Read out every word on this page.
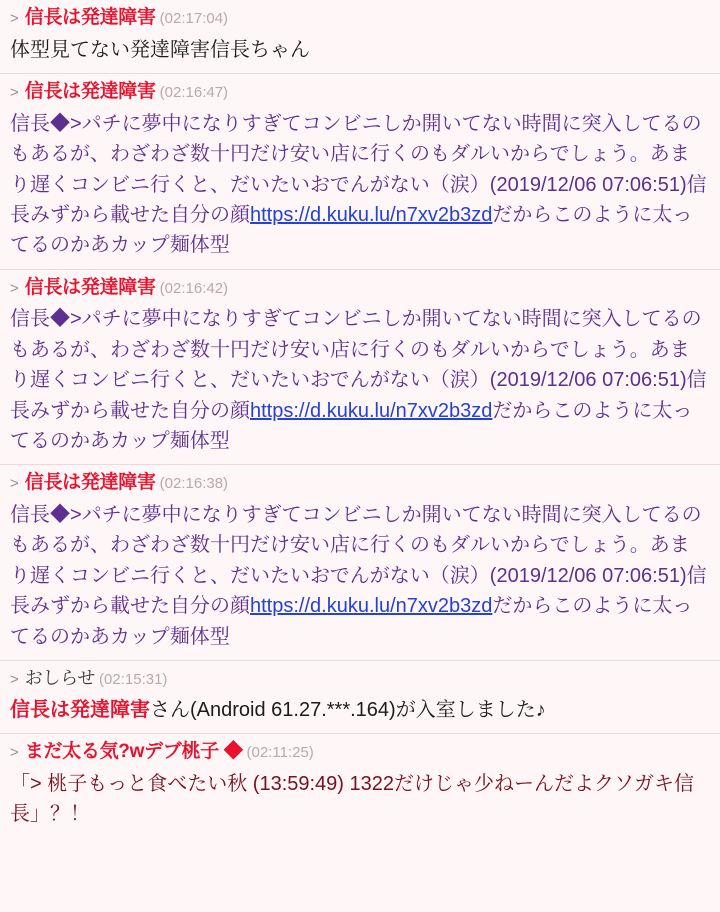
> 信長は発達障害 (02:17:04)
体型見てない発達障害信長ちゃん
> 信長は発達障害 (02:16:47)
信長◆>パチに夢中になりすぎてコンビニしか開いてない時間に突入してるのもあるが、わざわざ数十円だけ安い店に行くのもダルいからでしょう。あまり遅くコンビニ行くと、だいたいおでんがない（涙）(2019/12/06 07:06:51)信長みずから載せた自分の顔https://d.kuku.lu/n7xv2b3zdだからこのように太ってるのかあカップ麺体型
> 信長は発達障害 (02:16:42)
信長◆>パチに夢中になりすぎてコンビニしか開いてない時間に突入してるのもあるが、わざわざ数十円だけ安い店に行くのもダルいからでしょう。あまり遅くコンビニ行くと、だいたいおでんがない（涙）(2019/12/06 07:06:51)信長みずから載せた自分の顔https://d.kuku.lu/n7xv2b3zdだからこのように太ってるのかあカップ麺体型
> 信長は発達障害 (02:16:38)
信長◆>パチに夢中になりすぎてコンビニしか開いてない時間に突入してるのもあるが、わざわざ数十円だけ安い店に行くのもダルいからでしょう。あまり遅くコンビニ行くと、だいたいおでんがない（涙）(2019/12/06 07:06:51)信長みずから載せた自分の顔https://d.kuku.lu/n7xv2b3zdだからこのように太ってるのかあカップ麺体型
> おしらせ (02:15:31)
信長は発達障害さん(Android 61.27.***.164)が入室しました♪
> まだ太る気?wデブ桃子 ◆ (02:11:25)
「> 桃子もっと食べたい秋 (13:59:49) 1322だけじゃ少ねーんだよクソガキ信長」？！
